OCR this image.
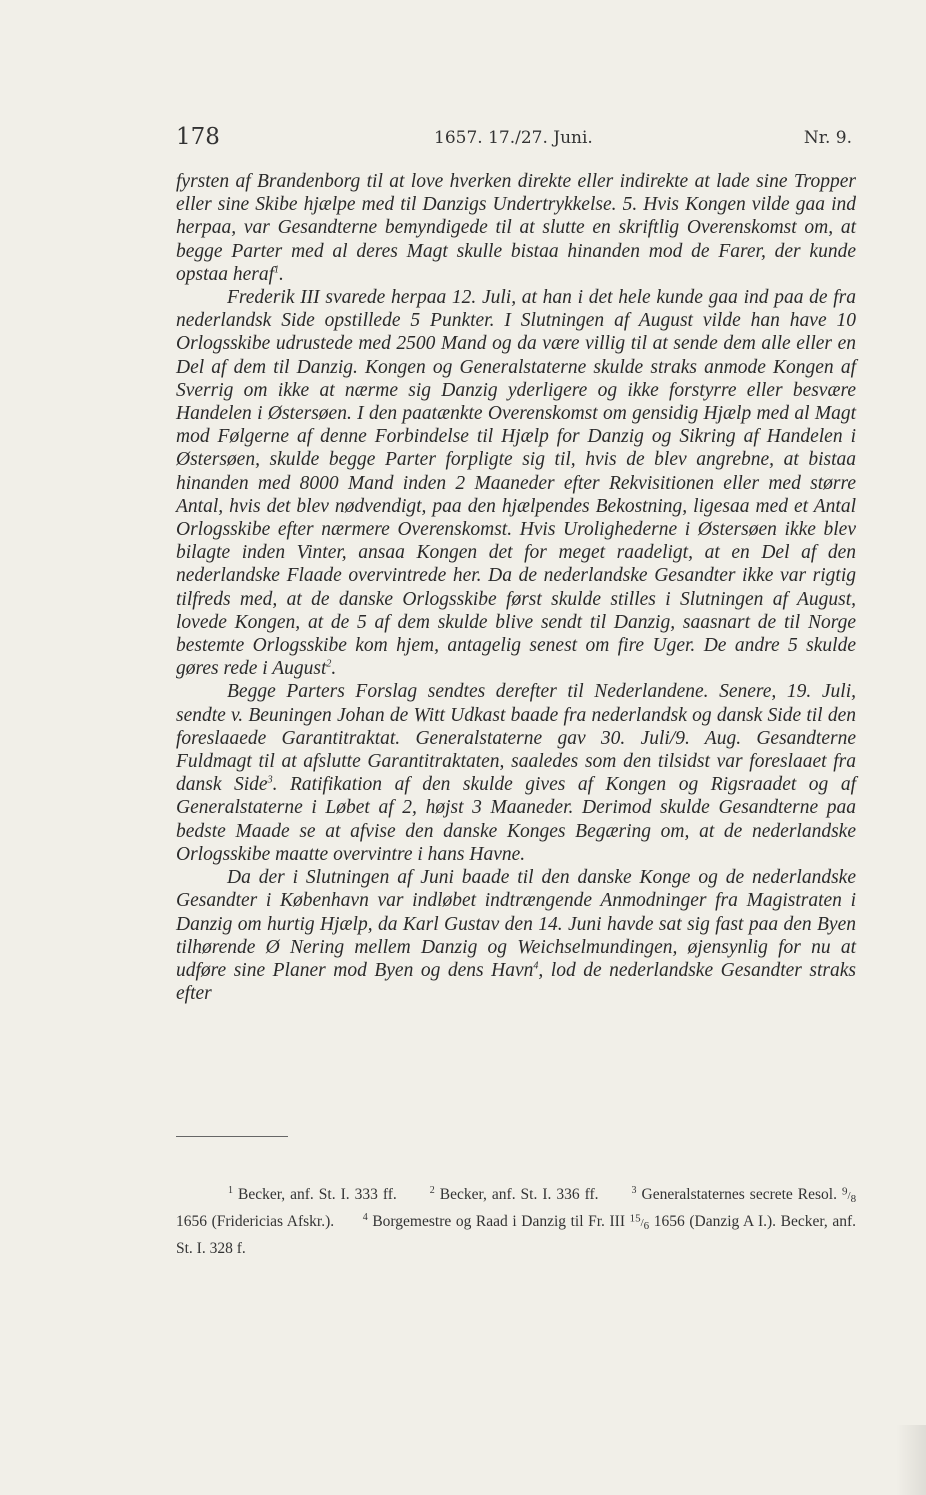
178	1657. 17./27. Juni.	Nr. 9.

fyrsten af Brandenborg til at love hverken direkte eller indirekte at lade sine Tropper eller sine Skibe hjælpe med til Danzigs Undertrykkelse. 5. Hvis Kongen vilde gaa ind herpaa, var Gesandterne bemyndigede til at slutte en skriftlig Overenskomst om, at begge Parter med al deres Magt skulle bistaa hinanden mod de Farer, der kunde opstaa heraf$^1$.

Frederik III svarede herpaa 12. Juli, at han i det hele kunde gaa ind paa de fra nederlandsk Side opstillede 5 Punkter. I Slutningen af August vilde han have 10 Orlogsskibe udrustede med 2500 Mand og da være villig til at sende dem alle eller en Del af dem til Danzig. Kongen og Generalstaterne skulde straks anmode Kongen af Sverrig om ikke at nærme sig Danzig yderligere og ikke forstyrre eller besvære Handelen i Østersøen. I den paatænkte Overenskomst om gensidig Hjælp med al Magt mod Følgerne af denne Forbindelse til Hjælp for Danzig og Sikring af Handelen i Østersøen, skulde begge Parter forpligte sig til, hvis de blev angrebne, at bistaa hinanden med 8000 Mand inden 2 Maaneder efter Rekvisitionen eller med større Antal, hvis det blev nødvendigt, paa den hjælpendes Bekostning, ligesaa med et Antal Orlogsskibe efter nærmere Overenskomst. Hvis Urolighederne i Østersøen ikke blev bilagte inden Vinter, ansaa Kongen det for meget raadeligt, at en Del af den nederlandske Flaade overvintrede her. Da de nederlandske Gesandter ikke var rigtig tilfreds med, at de danske Orlogsskibe først skulde stilles i Slutningen af August, lovede Kongen, at de 5 af dem skulde blive sendt til Danzig, saasnart de til Norge bestemte Orlogsskibe kom hjem, antagelig senest om fire Uger. De andre 5 skulde gøres rede i August$^2$.

Begge Parters Forslag sendtes derefter til Nederlandene. Senere, 19. Juli, sendte v. Beuningen Johan de Witt Udkast baade fra nederlandsk og dansk Side til den foreslaaede Garantitraktat. Generalstaterne gav 30. Juli/9. Aug. Gesandterne Fuldmagt til at afslutte Garantitraktaten, saaledes som den tilsidst var foreslaaet fra dansk Side$^3$. Ratifikation af den skulde gives af Kongen og Rigsraadet og af Generalstaterne i Løbet af 2, højst 3 Maaneder. Derimod skulde Gesandterne paa bedste Maade se at afvise den danske Konges Begæring om, at de nederlandske Orlogsskibe maatte overvintre i hans Havne.

Da der i Slutningen af Juni baade til den danske Konge og de nederlandske Gesandter i København var indløbet indtrængende Anmodninger fra Magistraten i Danzig om hurtig Hjælp, da Karl Gustav den 14. Juni havde sat sig fast paa den Byen tilhørende Ø Nering mellem Danzig og Weichselmundingen, øjensynlig for nu at udføre sine Planer mod Byen og dens Havn$^4$, lod de nederlandske Gesandter straks efter

$^1$ Becker, anf. St. I. 333 ff.	$^2$ Becker, anf. St. I. 336 ff.	$^3$ Generalstaternes secrete Resol. 9/8 1656 (Fridericias Afskr.).	$^4$ Borgemestre og Raad i Danzig til Fr. III 15/6 1656 (Danzig A I.). Becker, anf. St. I. 328 f.
